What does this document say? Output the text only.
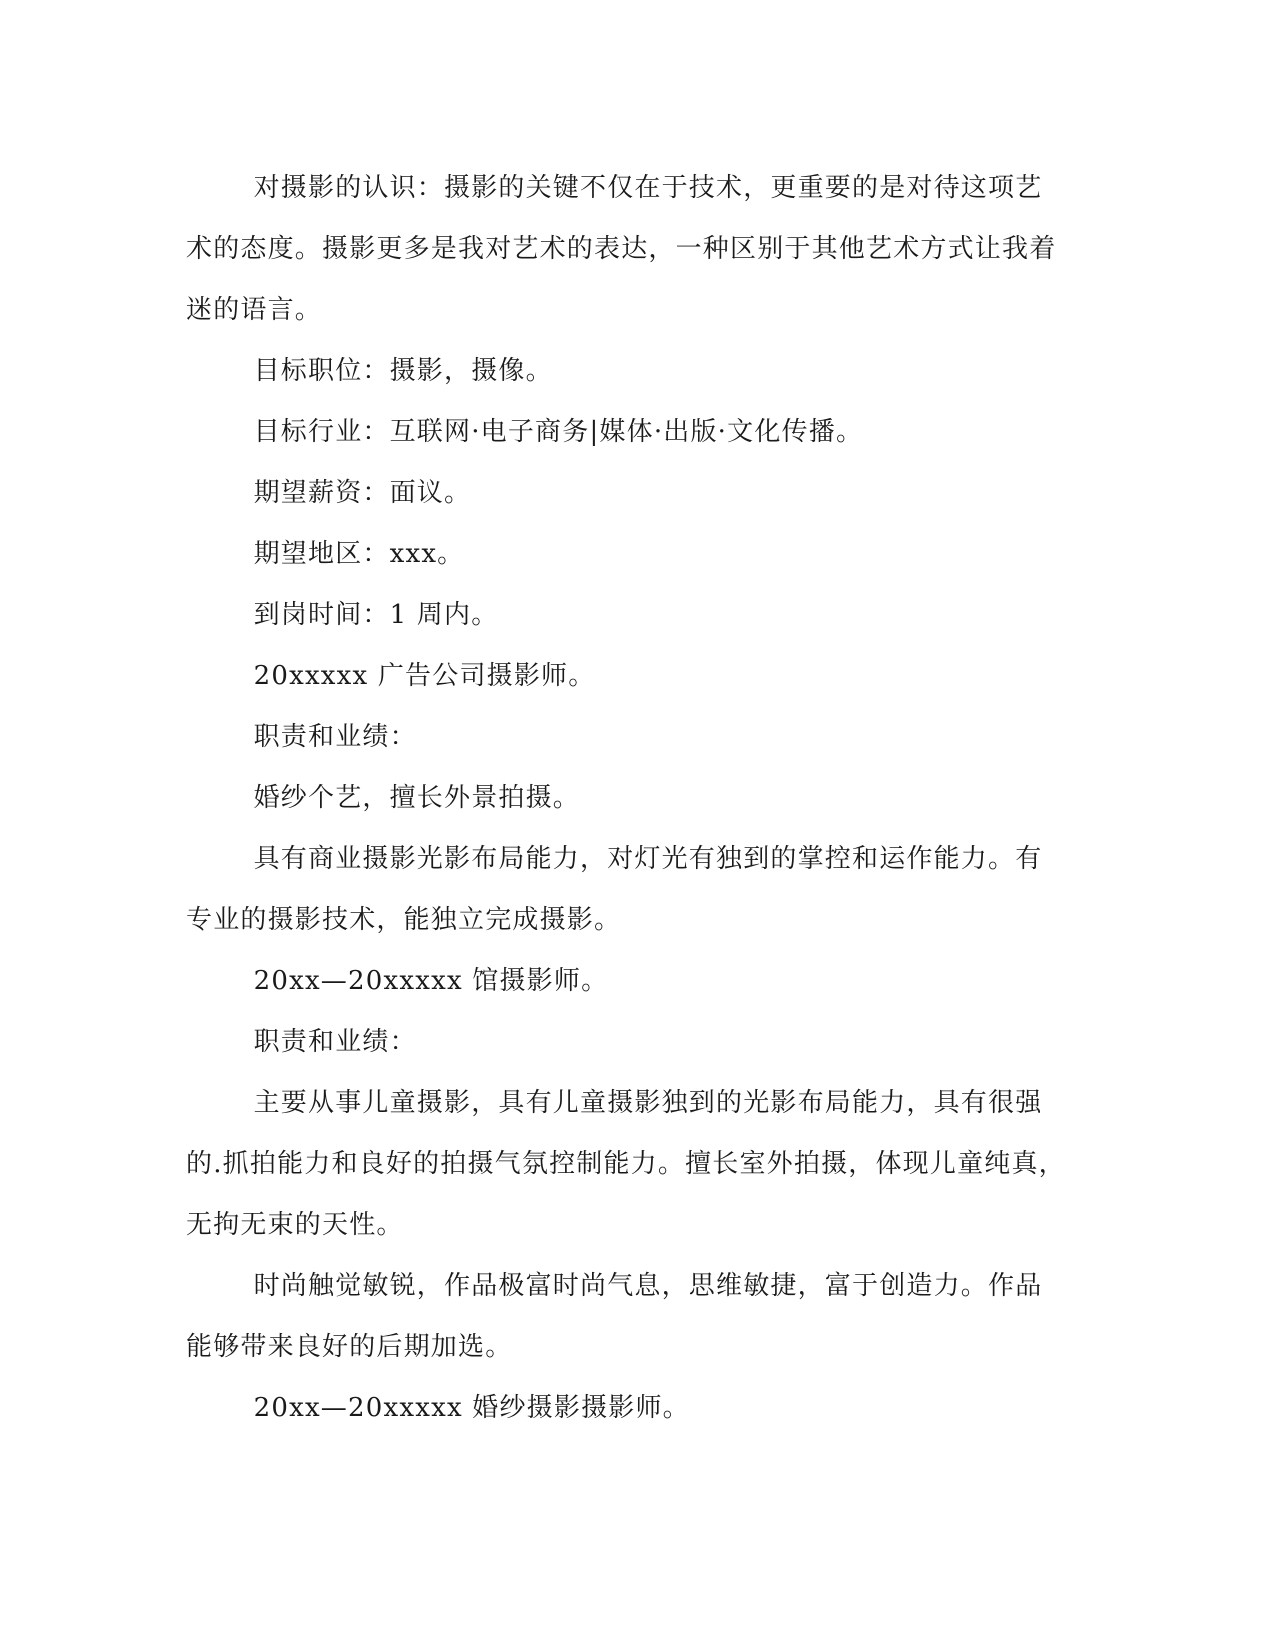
对摄影的认识：摄影的关键不仅在于技术，更重要的是对待这项艺术的态度。摄影更多是我对艺术的表达，一种区别于其他艺术方式让我着迷的语言。

目标职位：摄影，摄像。

目标行业：互联网·电子商务|媒体·出版·文化传播。

期望薪资：面议。

期望地区：xxx。

到岗时间：1 周内。

20xxxxx 广告公司摄影师。

职责和业绩：

婚纱个艺，擅长外景拍摄。

具有商业摄影光影布局能力，对灯光有独到的掌控和运作能力。有专业的摄影技术，能独立完成摄影。

20xx—20xxxxx 馆摄影师。

职责和业绩：

主要从事儿童摄影，具有儿童摄影独到的光影布局能力，具有很强的.抓拍能力和良好的拍摄气氛控制能力。擅长室外拍摄，体现儿童纯真，无拘无束的天性。

时尚触觉敏锐，作品极富时尚气息，思维敏捷，富于创造力。作品能够带来良好的后期加选。

20xx—20xxxxx 婚纱摄影摄影师。
